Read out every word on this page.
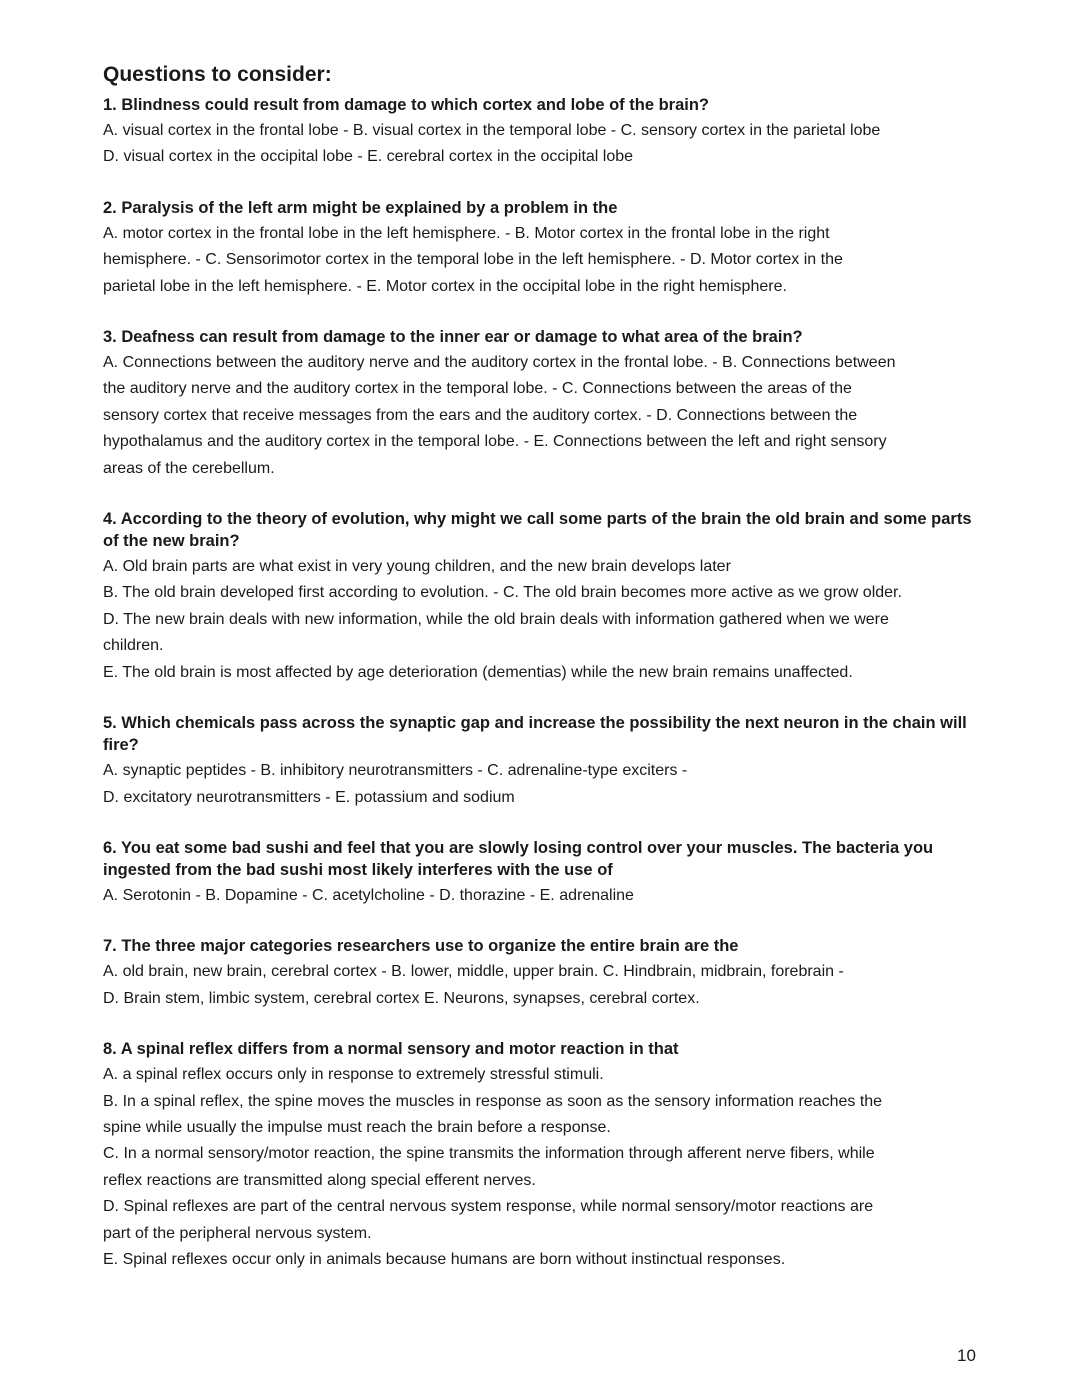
Questions to consider:
1. Blindness could result from damage to which cortex and lobe of the brain?
A. visual cortex in the frontal lobe - B. visual cortex in the temporal lobe - C. sensory cortex in the parietal lobe
D. visual cortex in the occipital lobe - E. cerebral cortex in the occipital lobe
2. Paralysis of the left arm might be explained by a problem in the
A. motor cortex in the frontal lobe in the left hemisphere. - B. Motor cortex in the frontal lobe in the right
hemisphere. - C. Sensorimotor cortex in the temporal lobe in the left hemisphere. - D. Motor cortex in the
parietal lobe in the left hemisphere. - E. Motor cortex in the occipital lobe in the right hemisphere.
3. Deafness can result from damage to the inner ear or damage to what area of the brain?
A. Connections between the auditory nerve and the auditory cortex in the frontal lobe. - B. Connections between
the auditory nerve and the auditory cortex in the temporal lobe. - C. Connections between the areas of the
sensory cortex that receive messages from the ears and the auditory cortex. - D. Connections between the
hypothalamus and the auditory cortex in the temporal lobe. - E. Connections between the left and right sensory
areas of the cerebellum.
4. According to the theory of evolution, why might we call some parts of the brain the old brain and some parts of the new brain?
A. Old brain parts are what exist in very young children, and the new brain develops later
B. The old brain developed first according to evolution. - C. The old brain becomes more active as we grow older.
D. The new brain deals with new information, while the old brain deals with information gathered when we were
children.
E. The old brain is most affected by age deterioration (dementias) while the new brain remains unaffected.
5. Which chemicals pass across the synaptic gap and increase the possibility the next neuron in the chain will fire?
A. synaptic peptides - B. inhibitory neurotransmitters - C. adrenaline-type exciters -
D. excitatory neurotransmitters - E. potassium and sodium
6. You eat some bad sushi and feel that you are slowly losing control over your muscles. The bacteria you ingested from the bad sushi most likely interferes with the use of
A. Serotonin - B. Dopamine - C. acetylcholine - D. thorazine - E. adrenaline
7. The three major categories researchers use to organize the entire brain are the
A. old brain, new brain, cerebral cortex - B. lower, middle, upper brain. C. Hindbrain, midbrain, forebrain -
D. Brain stem, limbic system, cerebral cortex E. Neurons, synapses, cerebral cortex.
8. A spinal reflex differs from a normal sensory and motor reaction in that
A. a spinal reflex occurs only in response to extremely stressful stimuli.
B. In a spinal reflex, the spine moves the muscles in response as soon as the sensory information reaches the
spine while usually the impulse must reach the brain before a response.
C. In a normal sensory/motor reaction, the spine transmits the information through afferent nerve fibers, while
reflex reactions are transmitted along special efferent nerves.
D. Spinal reflexes are part of the central nervous system response, while normal sensory/motor reactions are
part of the peripheral nervous system.
E. Spinal reflexes occur only in animals because humans are born without instinctual responses.
10
